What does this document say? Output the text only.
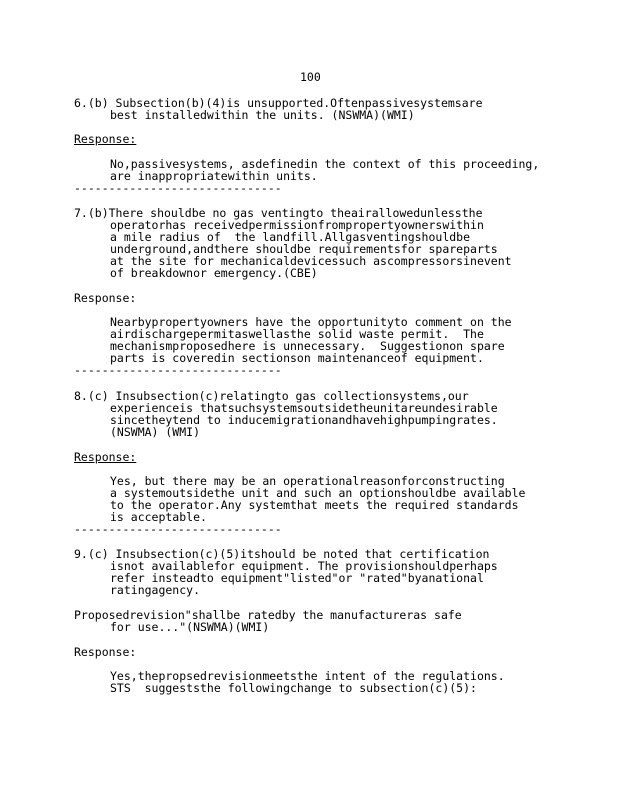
100
6.(b) Subsection(b)(4)is unsupported.Oftenpassivesystemsare
best installedwithin the units. (NSWMA)(WMI)
Response:
No,passivesystems, asdefinedin the context of this proceeding,
are inappropriatewithin units.
------------------------------
7.(b)There shouldbe no gas ventingto theairallowedunlessthe
operatorhas receivedpermissionfrompropertyownerswithin
a mile radius of  the landfill.Allgasventingshouldbe
underground,andthere shouldbe requirementsfor spareparts
at the site for mechanicaldevicessuch ascompressorsinevent
of breakdownor emergency.(CBE)
Response:
Nearbypropertyowners have the opportunityto comment on the
airdischargepermitaswellasthe solid waste permit.  The
mechanismproposedhere is unnecessary.  Suggestionon spare
parts is coveredin sectionson maintenanceof equipment.
------------------------------
8.(c) Insubsection(c)relatingto gas collectionsystems,our
experienceis thatsuchsystemsoutsidetheunitareundesirable
sincetheytend to inducemigrationandhavehighpumpingrates.
(NSWMA) (WMI)
Response:
Yes, but there may be an operationalreasonforconstructing
a systemoutsidethe unit and such an optionshouldbe available
to the operator.Any systemthat meets the required standards
is acceptable.
------------------------------
9.(c) Insubsection(c)(5)itshould be noted that certification
isnot availablefor equipment. The provisionshouldperhaps
refer insteadto equipment"listed"or "rated"byanational
ratingagency.
Proposedrevision"shallbe ratedby the manufactureras safe
for use..."(NSWMA)(WMI)
Response:
Yes,thepropsedrevisionmeetsthe intent of the regulations.
STS  suggeststhe followingchange to subsection(c)(5):
